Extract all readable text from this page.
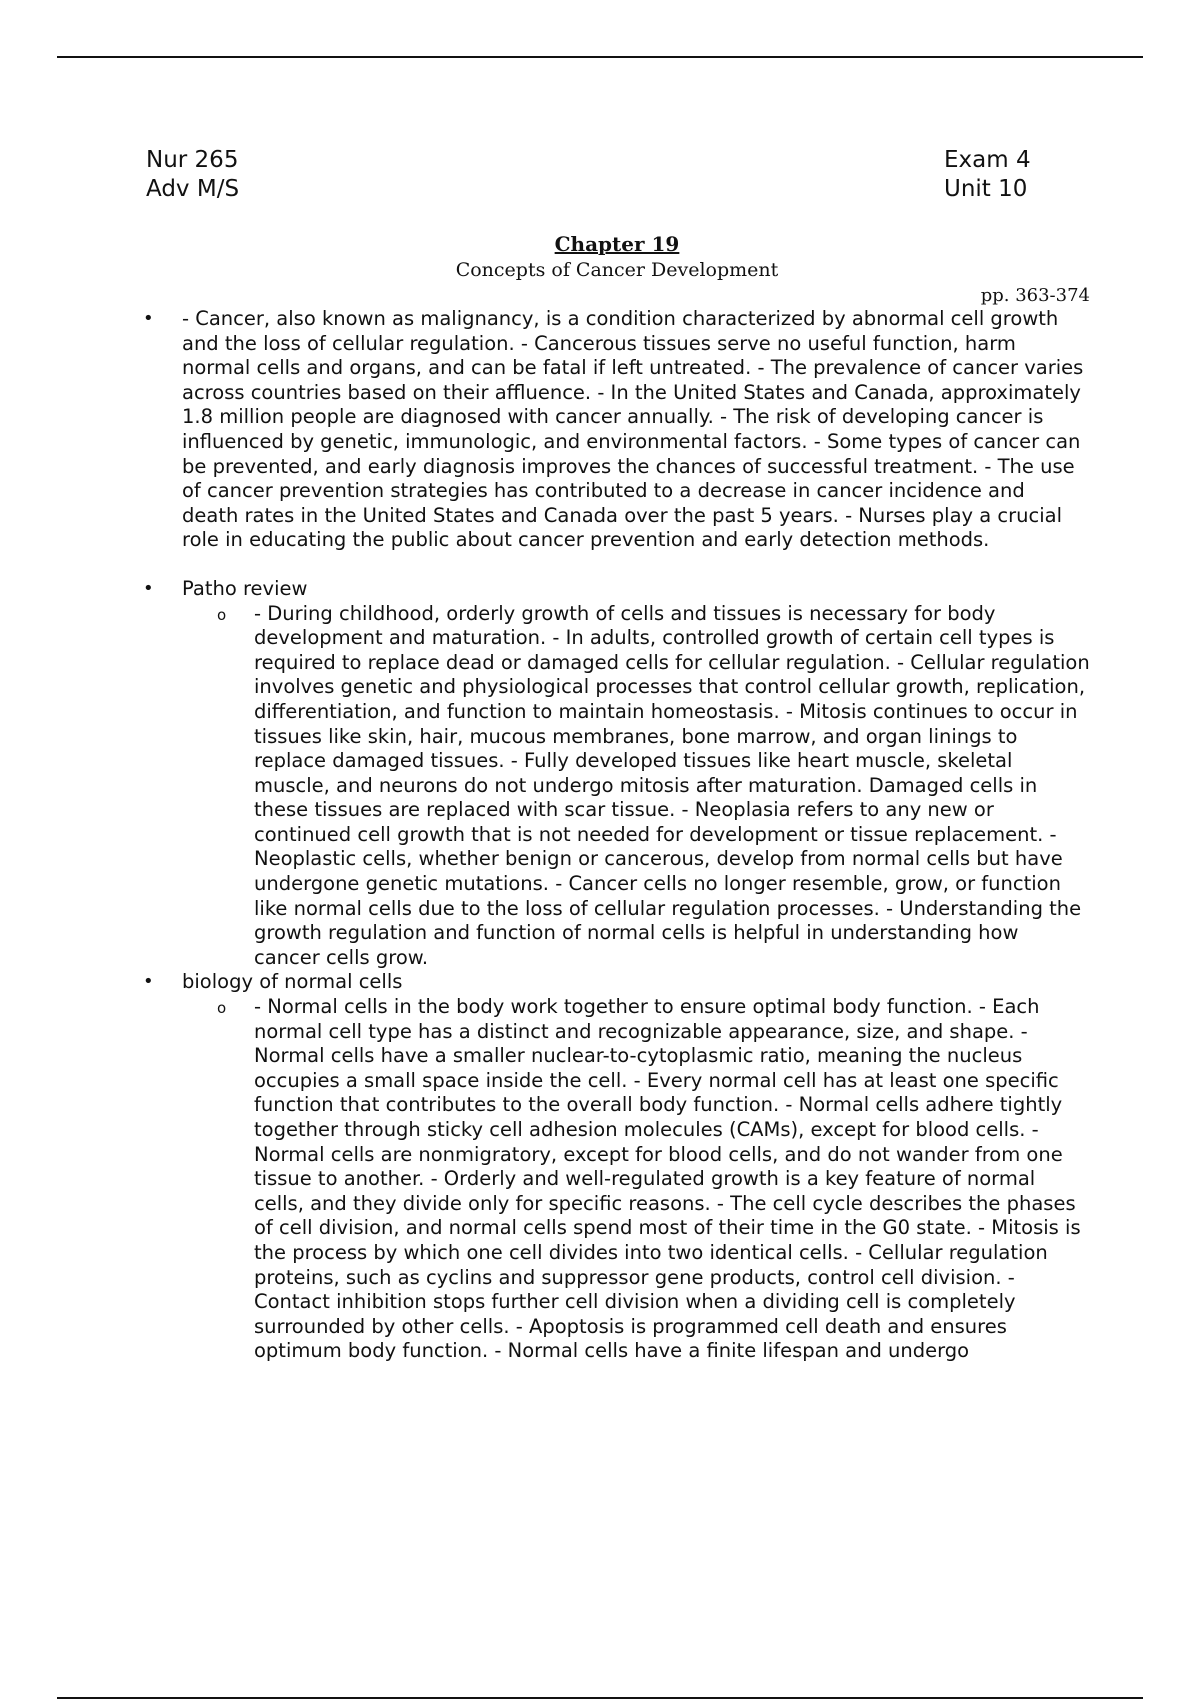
Nur 265
Adv M/S
Exam 4
Unit 10
Chapter 19
Concepts of Cancer Development
pp. 363-374
• - Cancer, also known as malignancy, is a condition characterized by abnormal cell growth and the loss of cellular regulation. - Cancerous tissues serve no useful function, harm normal cells and organs, and can be fatal if left untreated. - The prevalence of cancer varies across countries based on their affluence. - In the United States and Canada, approximately 1.8 million people are diagnosed with cancer annually. - The risk of developing cancer is influenced by genetic, immunologic, and environmental factors. - Some types of cancer can be prevented, and early diagnosis improves the chances of successful treatment. - The use of cancer prevention strategies has contributed to a decrease in cancer incidence and death rates in the United States and Canada over the past 5 years. - Nurses play a crucial role in educating the public about cancer prevention and early detection methods.
• Patho review
o - During childhood, orderly growth of cells and tissues is necessary for body development and maturation. - In adults, controlled growth of certain cell types is required to replace dead or damaged cells for cellular regulation. - Cellular regulation involves genetic and physiological processes that control cellular growth, replication, differentiation, and function to maintain homeostasis. - Mitosis continues to occur in tissues like skin, hair, mucous membranes, bone marrow, and organ linings to replace damaged tissues. - Fully developed tissues like heart muscle, skeletal muscle, and neurons do not undergo mitosis after maturation. Damaged cells in these tissues are replaced with scar tissue. - Neoplasia refers to any new or continued cell growth that is not needed for development or tissue replacement. - Neoplastic cells, whether benign or cancerous, develop from normal cells but have undergone genetic mutations. - Cancer cells no longer resemble, grow, or function like normal cells due to the loss of cellular regulation processes. - Understanding the growth regulation and function of normal cells is helpful in understanding how cancer cells grow.
• biology of normal cells
o - Normal cells in the body work together to ensure optimal body function. - Each normal cell type has a distinct and recognizable appearance, size, and shape. - Normal cells have a smaller nuclear-to-cytoplasmic ratio, meaning the nucleus occupies a small space inside the cell. - Every normal cell has at least one specific function that contributes to the overall body function. - Normal cells adhere tightly together through sticky cell adhesion molecules (CAMs), except for blood cells. - Normal cells are nonmigratory, except for blood cells, and do not wander from one tissue to another. - Orderly and well-regulated growth is a key feature of normal cells, and they divide only for specific reasons. - The cell cycle describes the phases of cell division, and normal cells spend most of their time in the G0 state. - Mitosis is the process by which one cell divides into two identical cells. - Cellular regulation proteins, such as cyclins and suppressor gene products, control cell division. - Contact inhibition stops further cell division when a dividing cell is completely surrounded by other cells. - Apoptosis is programmed cell death and ensures optimum body function. - Normal cells have a finite lifespan and undergo
